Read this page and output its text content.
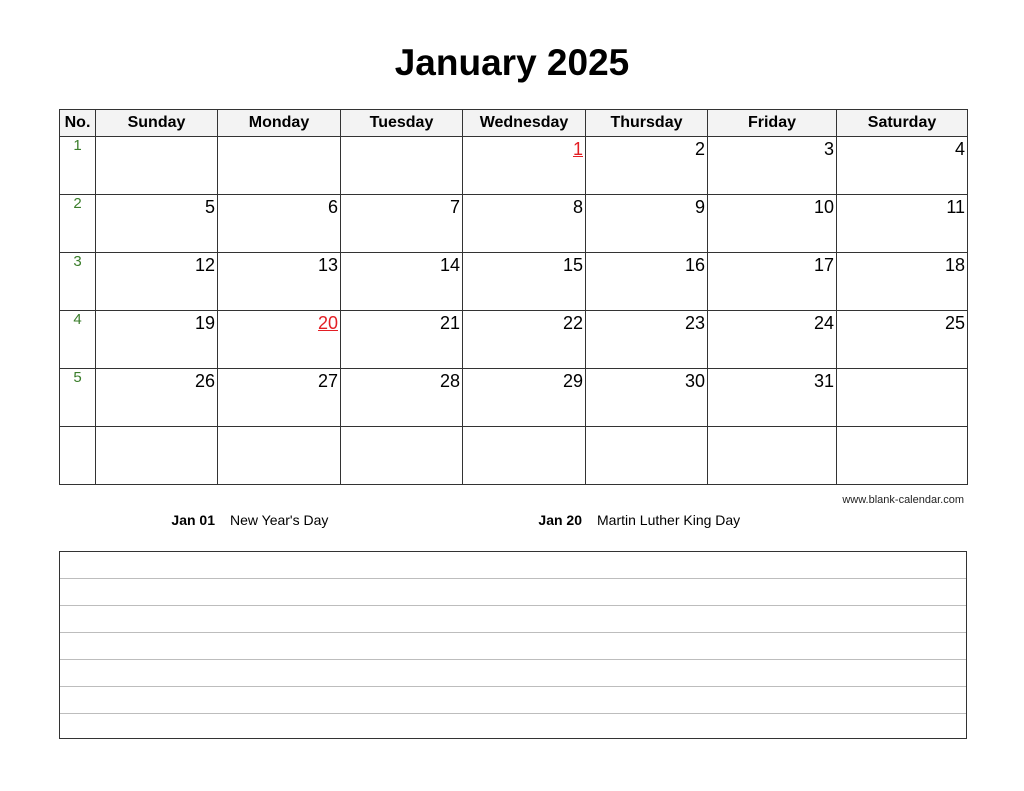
January 2025
No.	Sunday	Monday	Tuesday	Wednesday	Thursday	Friday	Saturday
1				1	2	3	4
2	5	6	7	8	9	10	11
3	12	13	14	15	16	17	18
4	19	20	21	22	23	24	25
5	26	27	28	29	30	31	

www.blank-calendar.com
Jan 01 New Year's Day	Jan 20 Martin Luther King Day
